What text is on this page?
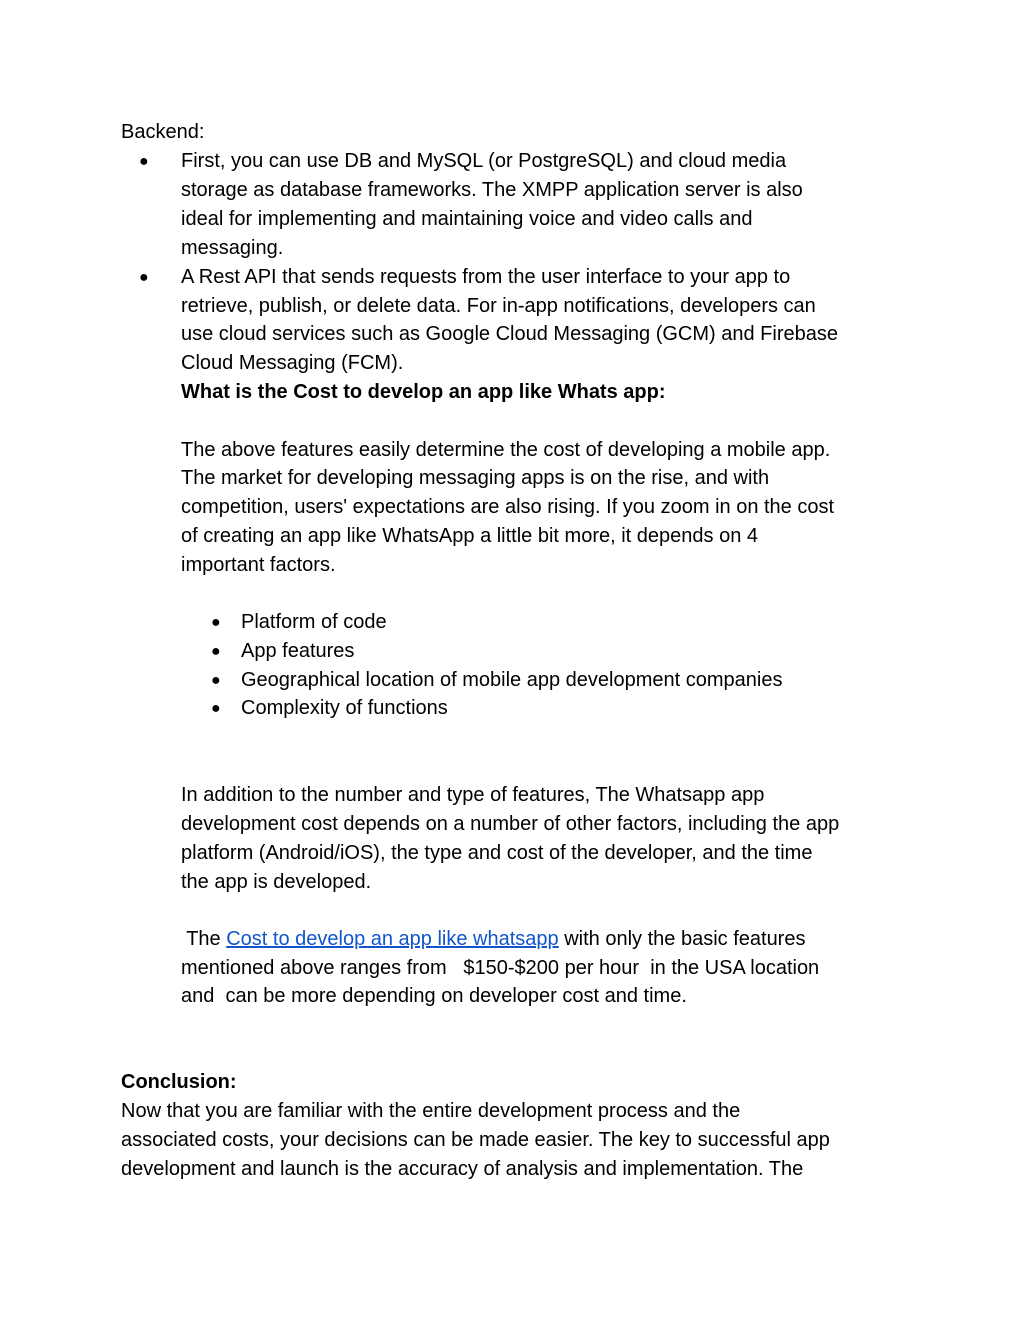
Backend:
● First, you can use DB and MySQL (or PostgreSQL) and cloud media
storage as database frameworks. The XMPP application server is also
ideal for implementing and maintaining voice and video calls and
messaging.
● A Rest API that sends requests from the user interface to your app to
retrieve, publish, or delete data. For in-app notifications, developers can
use cloud services such as Google Cloud Messaging (GCM) and Firebase
Cloud Messaging (FCM).
What is the Cost to develop an app like Whats app:
The above features easily determine the cost of developing a mobile app.
The market for developing messaging apps is on the rise, and with
competition, users' expectations are also rising. If you zoom in on the cost
of creating an app like WhatsApp a little bit more, it depends on 4
important factors.
● Platform of code
● App features
● Geographical location of mobile app development companies
● Complexity of functions
In addition to the number and type of features, The Whatsapp app
development cost depends on a number of other factors, including the app
platform (Android/iOS), the type and cost of the developer, and the time
the app is developed.
The Cost to develop an app like whatsapp with only the basic features
mentioned above ranges from   $150-$200 per hour  in the USA location
and  can be more depending on developer cost and time.
Conclusion:
Now that you are familiar with the entire development process and the
associated costs, your decisions can be made easier. The key to successful app
development and launch is the accuracy of analysis and implementation. The
